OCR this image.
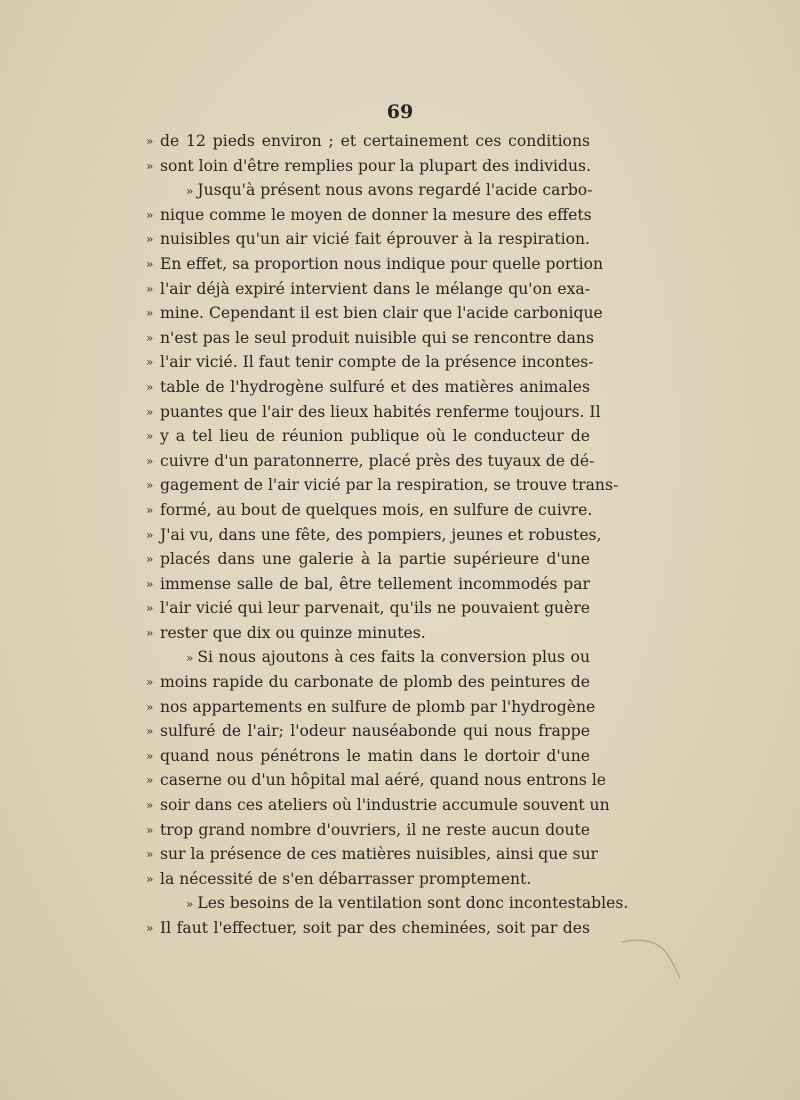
69
» de 12 pieds environ ; et certainement ces conditions
» sont loin d'être remplies pour la plupart des individus.
» Jusqu'à présent nous avons regardé l'acide carbo-
» nique comme le moyen de donner la mesure des effets
» nuisibles qu'un air vicié fait éprouver à la respiration.
» En effet, sa proportion nous indique pour quelle portion
» l'air déjà expiré intervient dans le mélange qu'on exa-
» mine. Cependant il est bien clair que l'acide carbonique
» n'est pas le seul produit nuisible qui se rencontre dans
» l'air vicié. Il faut tenir compte de la présence incontes-
» table de l'hydrogène sulfuré et des matières animales
» puantes que l'air des lieux habités renferme toujours. Il
» y a tel lieu de réunion publique où le conducteur de
» cuivre d'un paratonnerre, placé près des tuyaux de dé-
» gagement de l'air vicié par la respiration, se trouve trans-
» formé, au bout de quelques mois, en sulfure de cuivre.
» J'ai vu, dans une fête, des pompiers, jeunes et robustes,
» placés dans une galerie à la partie supérieure d'une
» immense salle de bal, être tellement incommodés par
» l'air vicié qui leur parvenait, qu'ils ne pouvaient guère
» rester que dix ou quinze minutes.
» Si nous ajoutons à ces faits la conversion plus ou
» moins rapide du carbonate de plomb des peintures de
» nos appartements en sulfure de plomb par l'hydrogène
» sulfuré de l'air; l'odeur nauséabonde qui nous frappe
» quand nous pénétrons le matin dans le dortoir d'une
» caserne ou d'un hôpital mal aéré, quand nous entrons le
» soir dans ces ateliers où l'industrie accumule souvent un
» trop grand nombre d'ouvriers, il ne reste aucun doute
» sur la présence de ces matières nuisibles, ainsi que sur
» la nécessité de s'en débarrasser promptement.
» Les besoins de la ventilation sont donc incontestables.
» Il faut l'effectuer, soit par des cheminées, soit par des
